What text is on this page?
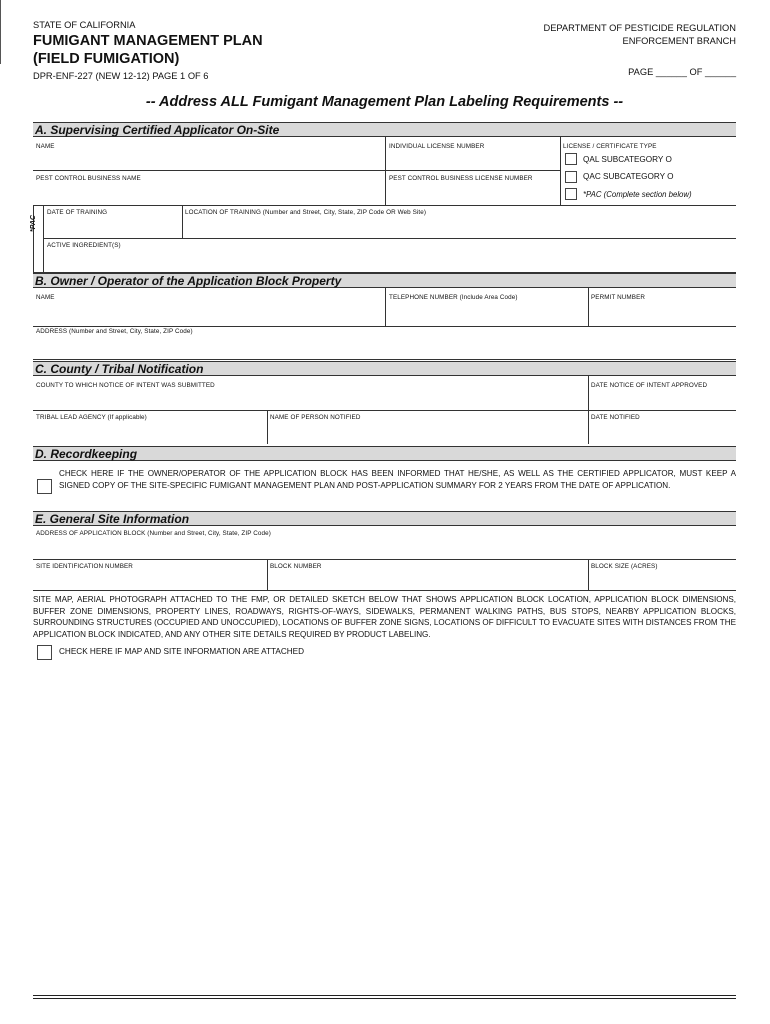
STATE OF CALIFORNIA
FUMIGANT MANAGEMENT PLAN
(FIELD FUMIGATION)
DPR-ENF-227 (NEW 12-12) PAGE 1 OF 6
DEPARTMENT OF PESTICIDE REGULATION
ENFORCEMENT BRANCH
PAGE ______ OF ______
-- Address ALL Fumigant Management Plan Labeling Requirements --
A. Supervising Certified Applicator On-Site
NAME	INDIVIDUAL LICENSE NUMBER	LICENSE / CERTIFICATE TYPE
QAL SUBCATEGORY O
QAC SUBCATEGORY O
*PAC (Complete section below)
PEST CONTROL BUSINESS NAME	PEST CONTROL BUSINESS LICENSE NUMBER
*PAC
DATE OF TRAINING	LOCATION OF TRAINING (Number and Street, City, State, ZIP Code OR Web Site)
ACTIVE INGREDIENT(S)
B. Owner / Operator of the Application Block Property
NAME	TELEPHONE NUMBER (Include Area Code)	PERMIT NUMBER
ADDRESS (Number and Street, City, State, ZIP Code)
C. County / Tribal Notification
COUNTY TO WHICH NOTICE OF INTENT WAS SUBMITTED	DATE NOTICE OF INTENT APPROVED
TRIBAL LEAD AGENCY (If applicable)	NAME OF PERSON NOTIFIED	DATE NOTIFIED
D. Recordkeeping
CHECK HERE IF THE OWNER/OPERATOR OF THE APPLICATION BLOCK HAS BEEN INFORMED THAT HE/SHE, AS WELL AS THE CERTIFIED APPLICATOR, MUST KEEP A SIGNED COPY OF THE SITE-SPECIFIC FUMIGANT MANAGEMENT PLAN AND POST-APPLICATION SUMMARY FOR 2 YEARS FROM THE DATE OF APPLICATION.
E. General Site Information
ADDRESS OF APPLICATION BLOCK (Number and Street, City, State, ZIP Code)
SITE IDENTIFICATION NUMBER	BLOCK NUMBER	BLOCK SIZE (ACRES)
SITE MAP, AERIAL PHOTOGRAPH ATTACHED TO THE FMP, OR DETAILED SKETCH BELOW THAT SHOWS APPLICATION BLOCK LOCATION, APPLICATION BLOCK DIMENSIONS, BUFFER ZONE DIMENSIONS, PROPERTY LINES, ROADWAYS, RIGHTS-OF-WAYS, SIDEWALKS, PERMANENT WALKING PATHS, BUS STOPS, NEARBY APPLICATION BLOCKS, SURROUNDING STRUCTURES (OCCUPIED AND UNOCCUPIED), LOCATIONS OF BUFFER ZONE SIGNS, LOCATIONS OF DIFFICULT TO EVACUATE SITES WITH DISTANCES FROM THE APPLICATION BLOCK INDICATED, AND ANY OTHER SITE DETAILS REQUIRED BY PRODUCT LABELING.
CHECK HERE IF MAP AND SITE INFORMATION ARE ATTACHED
